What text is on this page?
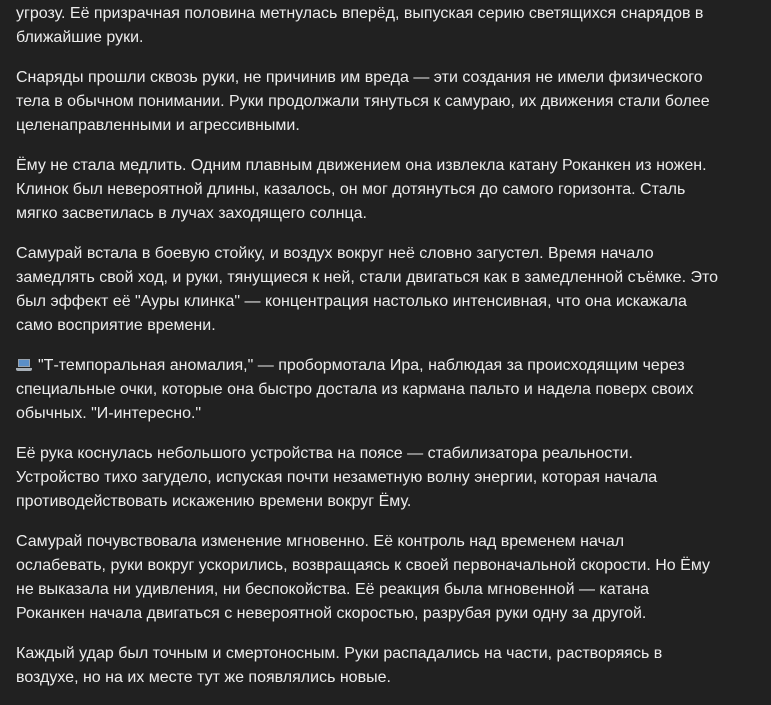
угрозу. Её призрачная половина метнулась вперёд, выпуская серию светящихся снарядов в
ближайшие руки.

Снаряды прошли сквозь руки, не причинив им вреда — эти создания не имели физического
тела в обычном понимании. Руки продолжали тянуться к самураю, их движения стали более
целенаправленными и агрессивными.

Ёму не стала медлить. Одним плавным движением она извлекла катану Роканкен из ножен.
Клинок был невероятной длины, казалось, он мог дотянуться до самого горизонта. Сталь
мягко засветилась в лучах заходящего солнца.

Самурай встала в боевую стойку, и воздух вокруг неё словно загустел. Время начало
замедлять свой ход, и руки, тянущиеся к ней, стали двигаться как в замедленной съёмке. Это
был эффект её "Ауры клинка" — концентрация настолько интенсивная, что она искажала
само восприятие времени.

"Т-темпоральная аномалия," — пробормотала Ира, наблюдая за происходящим через
специальные очки, которые она быстро достала из кармана пальто и надела поверх своих
обычных. "И-интересно."

Её рука коснулась небольшого устройства на поясе — стабилизатора реальности.
Устройство тихо загудело, испуская почти незаметную волну энергии, которая начала
противодействовать искажению времени вокруг Ёму.

Самурай почувствовала изменение мгновенно. Её контроль над временем начал
ослабевать, руки вокруг ускорились, возвращаясь к своей первоначальной скорости. Но Ёму
не выказала ни удивления, ни беспокойства. Её реакция была мгновенной — катана
Роканкен начала двигаться с невероятной скоростью, разрубая руки одну за другой.

Каждый удар был точным и смертоносным. Руки распадались на части, растворяясь в
воздухе, но на их месте тут же появлялись новые.
